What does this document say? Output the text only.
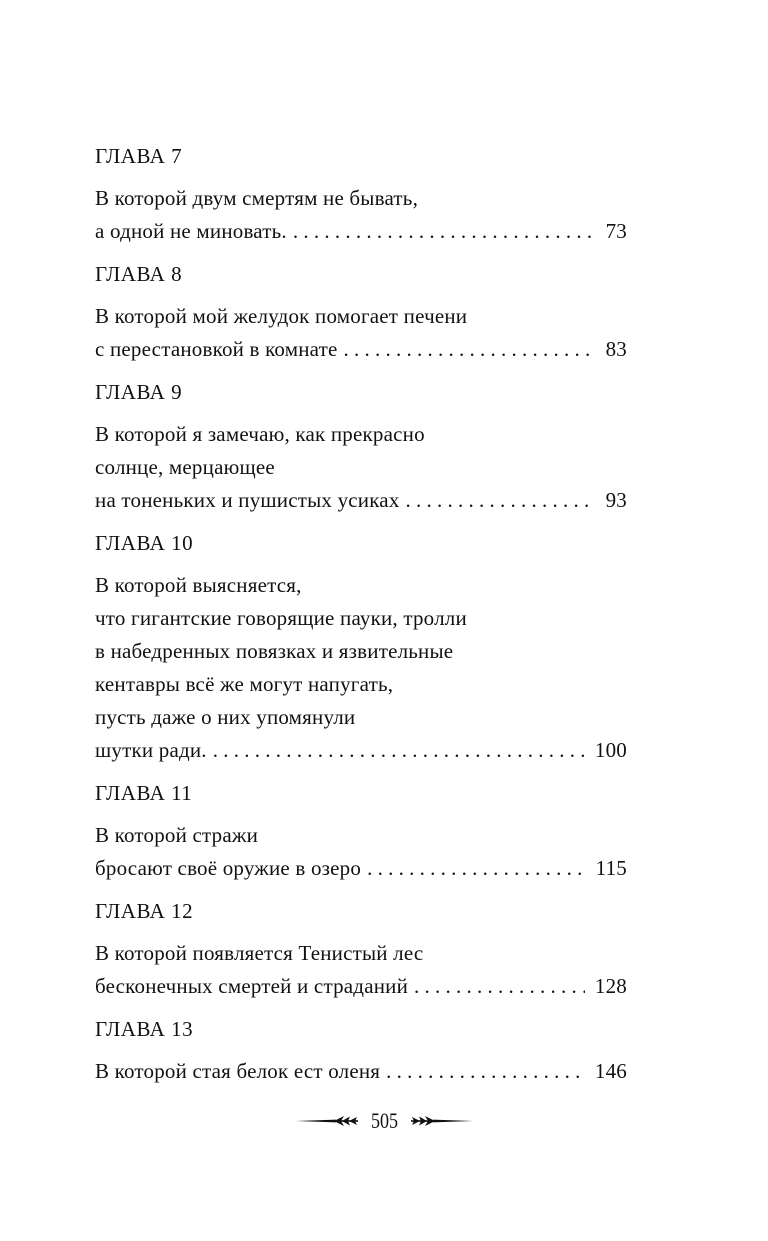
ГЛАВА 7
В которой двум смертям не бывать,
а одной не миновать. . . .	73
ГЛАВА 8
В которой мой желудок помогает печени
с перестановкой в комнате . . .	83
ГЛАВА 9
В которой я замечаю, как прекрасно
солнце, мерцающее
на тоненьких и пушистых усиках . . .	93
ГЛАВА 10
В которой выясняется,
что гигантские говорящие пауки, тролли
в набедренных повязках и язвительные
кентавры всё же могут напугать,
пусть даже о них упомянули
шутки ради. . . .	100
ГЛАВА 11
В которой стражи
бросают своё оружие в озеро . . .	115
ГЛАВА 12
В которой появляется Тенистый лес
бесконечных смертей и страданий . . .	128
ГЛАВА 13
В которой стая белок ест оленя . . .	146
505
